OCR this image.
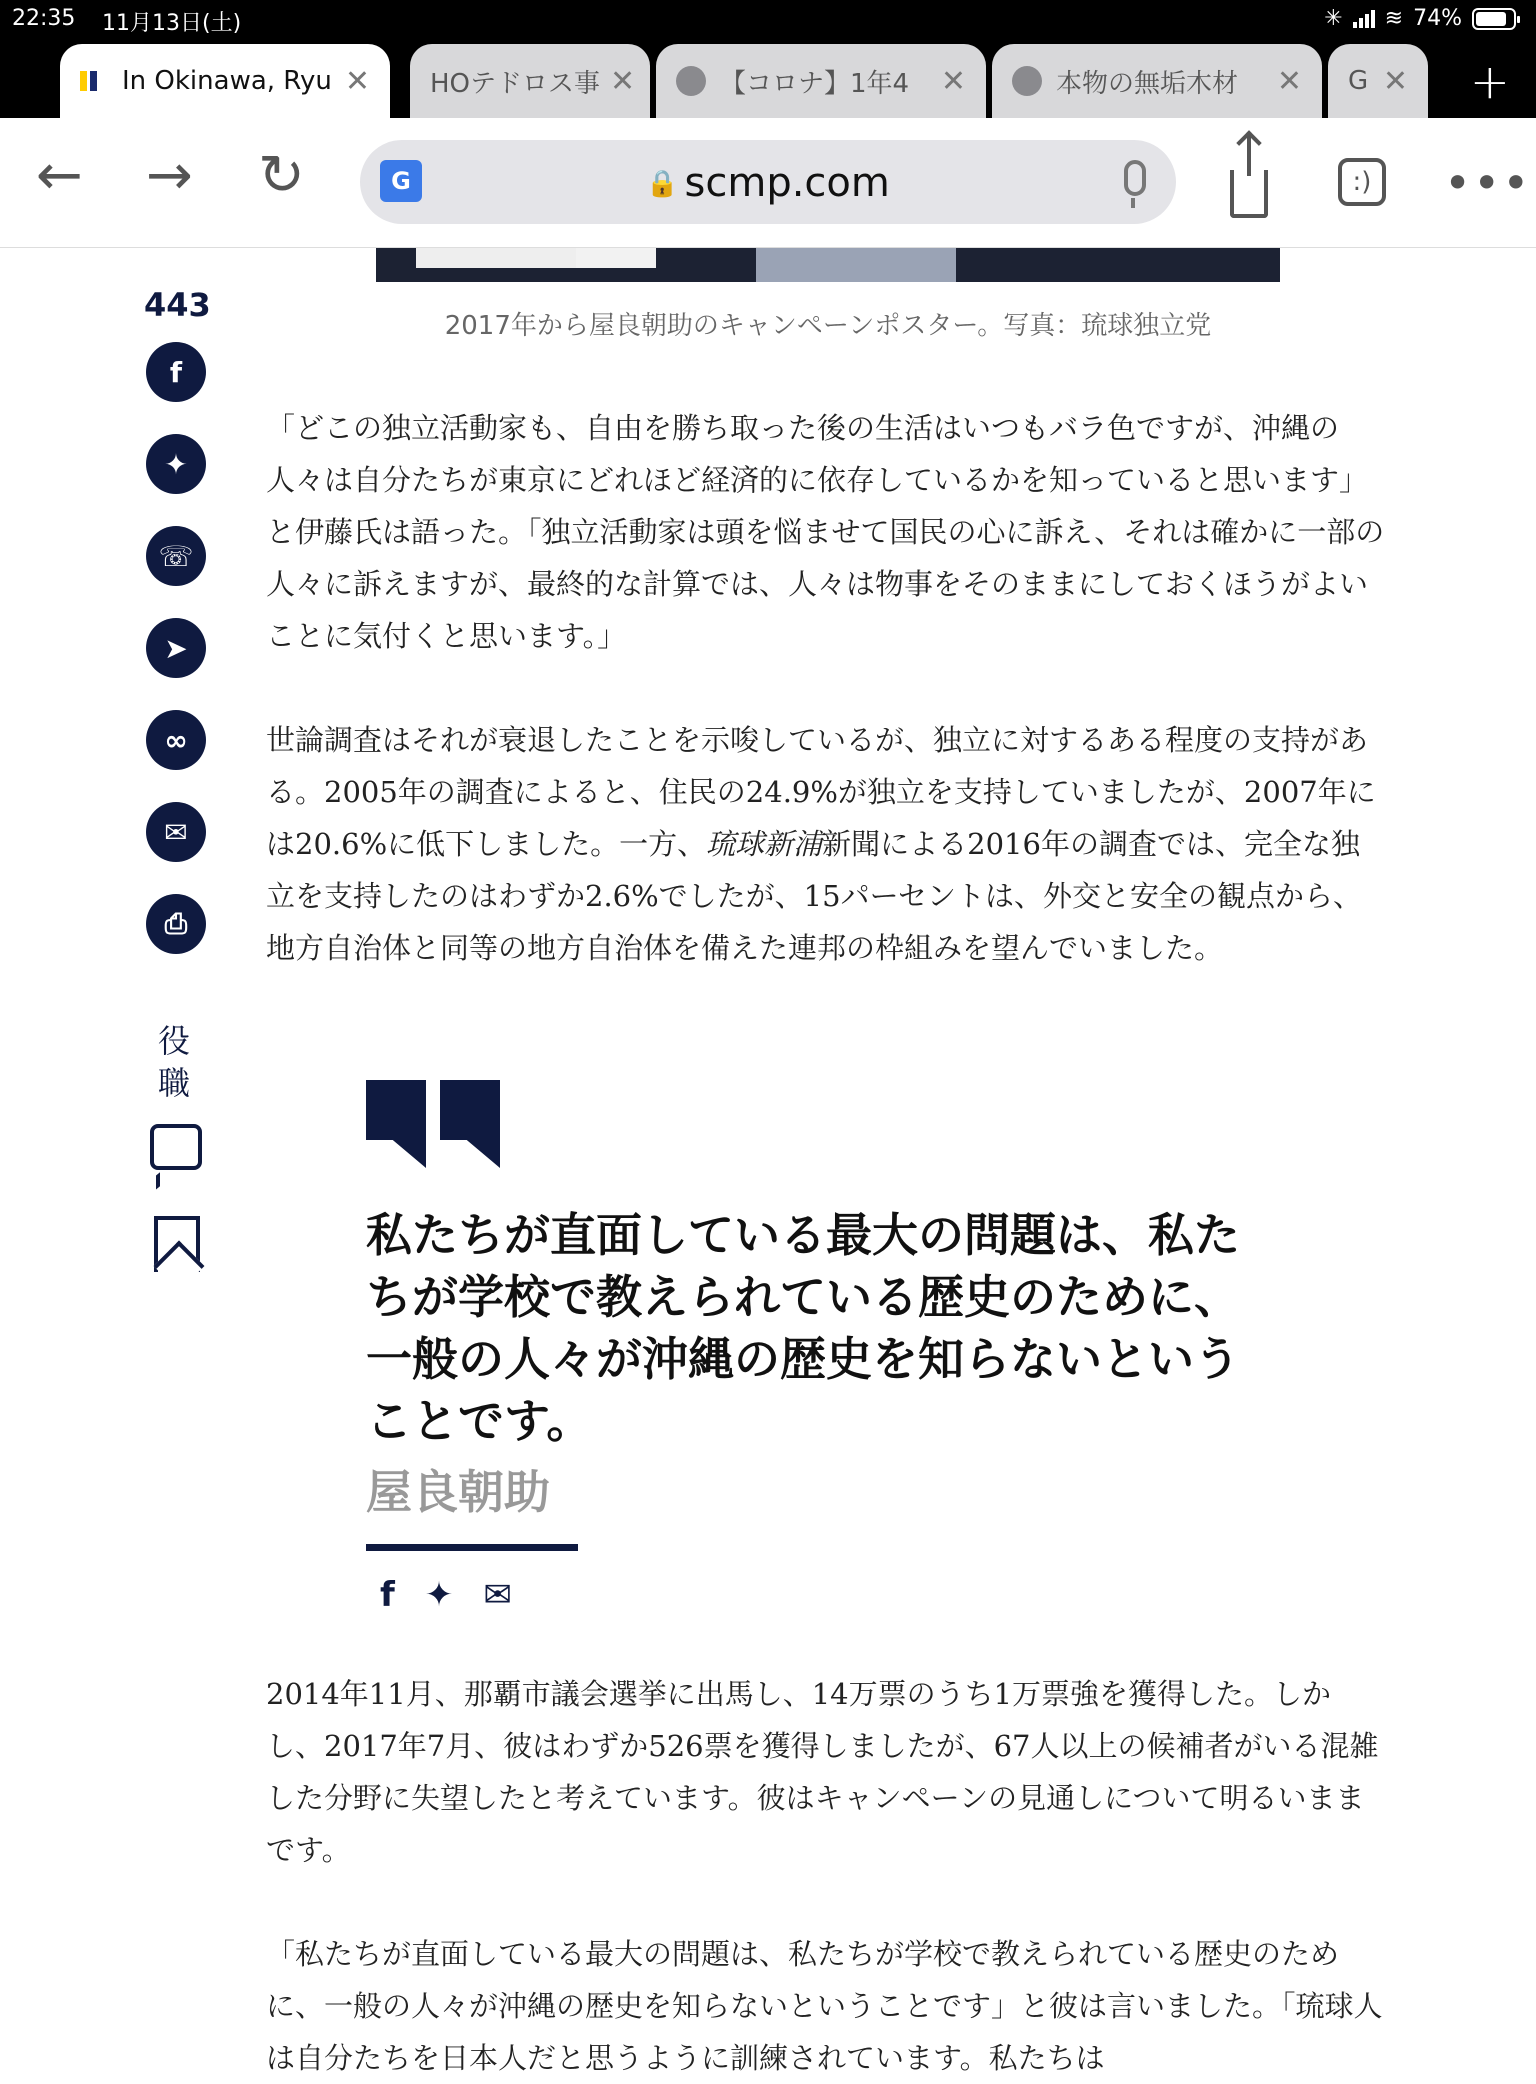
22:35 11月13日(土)	✳ ≋ 74%
In Okinawa, Ryu ✕ HOテドロス事 ✕	【コロナ】1年4	✕	本物の無垢木材	✕ G ✕ +
← → ↻	G	🔒 scmp.com	:)	•••
2017年から屋良朝助のキャンペーンポスター。写真：琉球独立党
443
f
✦
☏
➤
∞
✉
⎙
役職

「どこの独立活動家も、自由を勝ち取った後の生活はいつもバラ色ですが、沖縄の人々は自分たちが東京にどれほど経済的に依存しているかを知っていると思います」と伊藤氏は語った。「独立活動家は頭を悩ませて国民の心に訴え、それは確かに一部の人々に訴えますが、最終的な計算では、人々は物事をそのままにしておくほうがよいことに気付くと思います。」

世論調査はそれが衰退したことを示唆しているが、独立に対するある程度の支持がある。2005年の調査によると、住民の24.9%が独立を支持していましたが、2007年には20.6%に低下しました。一方、琉球新浦新聞による2016年の調査では、完全な独立を支持したのはわずか2.6%でしたが、15パーセントは、外交と安全の観点から、地方自治体と同等の地方自治体を備えた連邦の枠組みを望んでいました。

私たちが直面している最大の問題は、私たちが学校で教えられている歴史のために、一般の人々が沖縄の歴史を知らないということです。
屋良朝助
f ✦ ✉

2014年11月、那覇市議会選挙に出馬し、14万票のうち1万票強を獲得した。しかし、2017年7月、彼はわずか526票を獲得しましたが、67人以上の候補者がいる混雑した分野に失望したと考えています。彼はキャンペーンの見通しについて明るいままです。

「私たちが直面している最大の問題は、私たちが学校で教えられている歴史のために、一般の人々が沖縄の歴史を知らないということです」と彼は言いました。「琉球人は自分たちを日本人だと思うように訓練されています。私たちは
